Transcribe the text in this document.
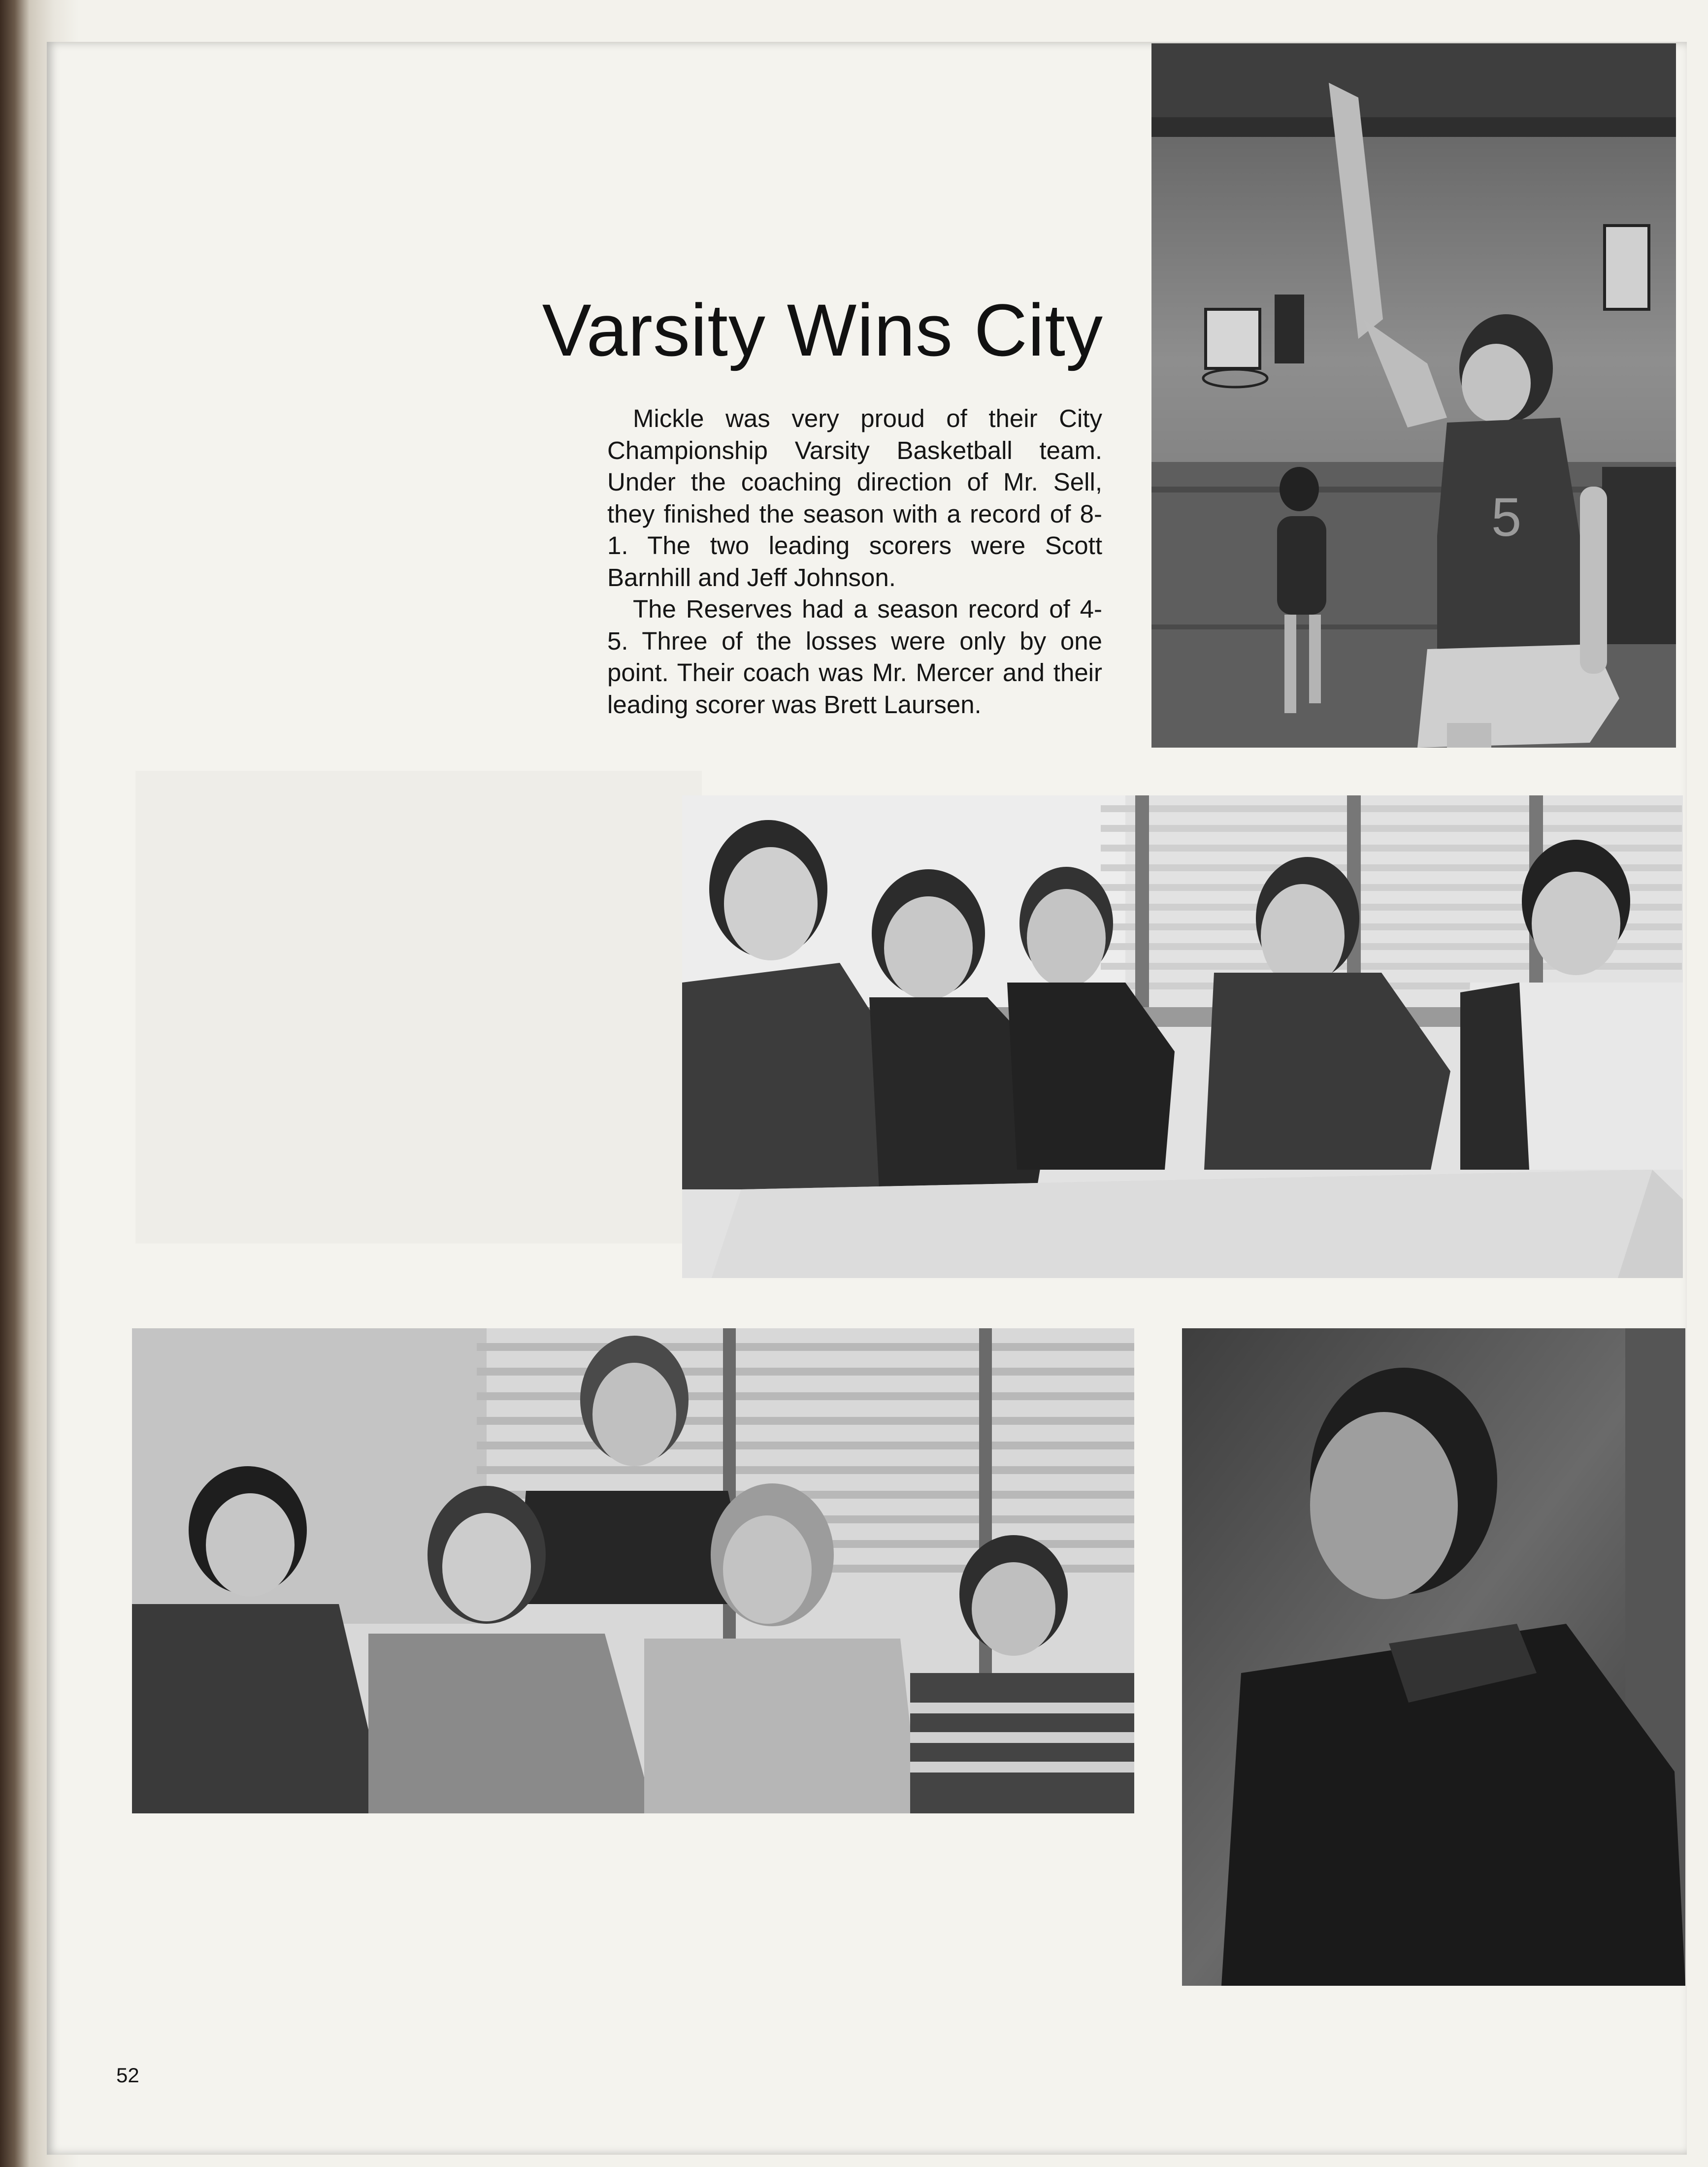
Varsity Wins City

Mickle was very proud of their City Championship Varsity Basketball team. Under the coaching direction of Mr. Sell, they finished the season with a record of 8-1. The two leading scorers were Scott Barnhill and Jeff Johnson.

The Reserves had a season record of 4-5. Three of the losses were only by one point. Their coach was Mr. Mercer and their leading scorer was Brett Laursen.

5
52
